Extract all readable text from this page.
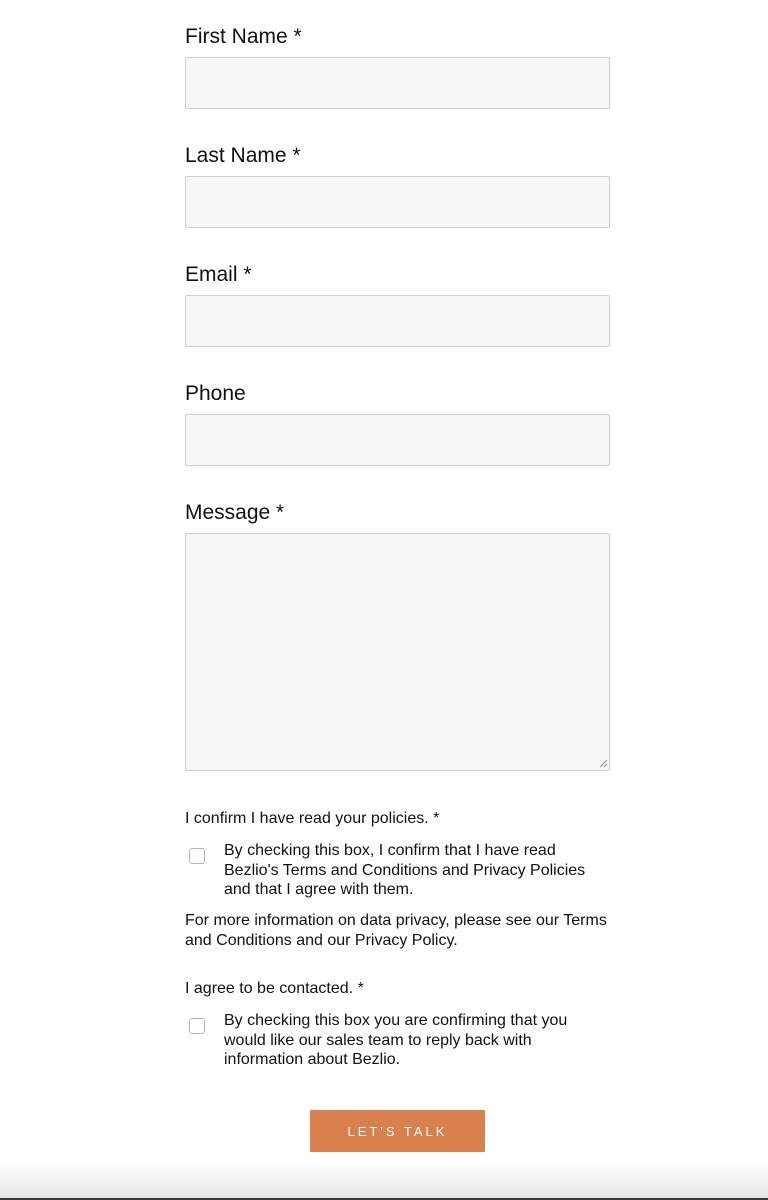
First Name *
Last Name *
Email *
Phone
Message *
I confirm I have read your policies. *
By checking this box, I confirm that I have read Bezlio's Terms and Conditions and Privacy Policies and that I agree with them.
For more information on data privacy, please see our Terms and Conditions and our Privacy Policy.
I agree to be contacted. *
By checking this box you are confirming that you would like our sales team to reply back with information about Bezlio.
LET'S TALK
